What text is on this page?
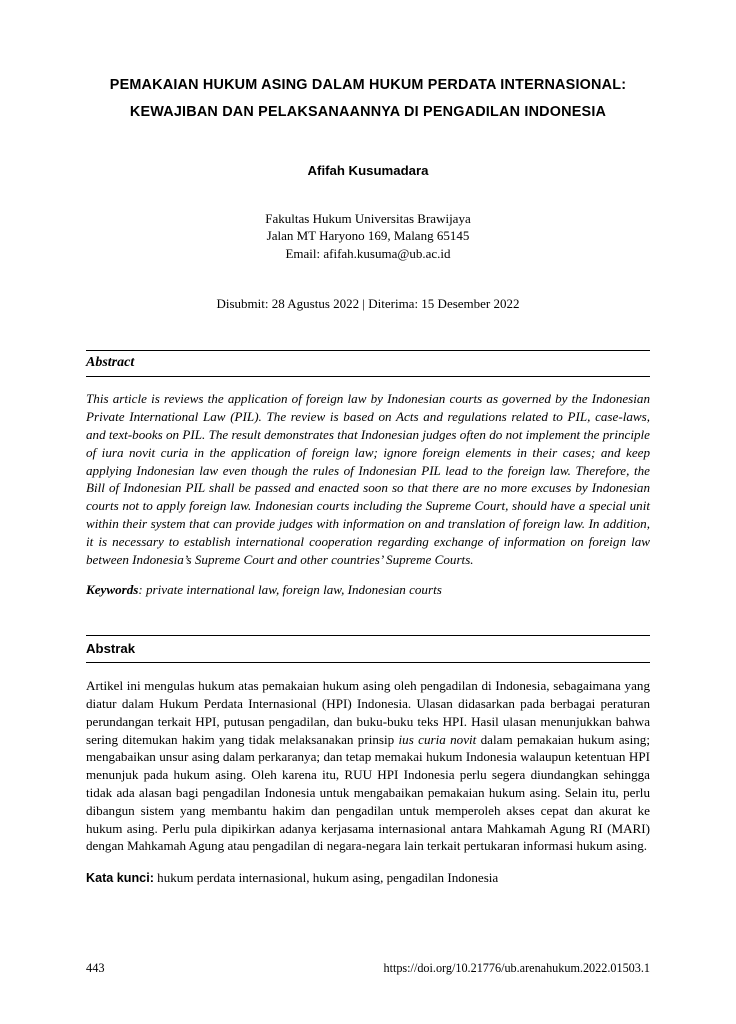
PEMAKAIAN HUKUM ASING DALAM HUKUM PERDATA INTERNASIONAL: KEWAJIBAN DAN PELAKSANAANNYA DI PENGADILAN INDONESIA
Afifah Kusumadara
Fakultas Hukum Universitas Brawijaya
Jalan MT Haryono 169, Malang 65145
Email: afifah.kusuma@ub.ac.id
Disubmit: 28 Agustus 2022 | Diterima: 15 Desember 2022
Abstract

This article is reviews the application of foreign law by Indonesian courts as governed by the Indonesian Private International Law (PIL). The review is based on Acts and regulations related to PIL, case-laws, and text-books on PIL. The result demonstrates that Indonesian judges often do not implement the principle of iura novit curia in the application of foreign law; ignore foreign elements in their cases; and keep applying Indonesian law even though the rules of Indonesian PIL lead to the foreign law. Therefore, the Bill of Indonesian PIL shall be passed and enacted soon so that there are no more excuses by Indonesian courts not to apply foreign law. Indonesian courts including the Supreme Court, should have a special unit within their system that can provide judges with information on and translation of foreign law. In addition, it is necessary to establish international cooperation regarding exchange of information on foreign law between Indonesia’s Supreme Court and other countries’ Supreme Courts.

Keywords: private international law, foreign law, Indonesian courts

Abstrak

Artikel ini mengulas hukum atas pemakaian hukum asing oleh pengadilan di Indonesia, sebagaimana yang diatur dalam Hukum Perdata Internasional (HPI) Indonesia. Ulasan didasarkan pada berbagai peraturan perundangan terkait HPI, putusan pengadilan, dan buku-buku teks HPI. Hasil ulasan menunjukkan bahwa sering ditemukan hakim yang tidak melaksanakan prinsip ius curia novit dalam pemakaian hukum asing; mengabaikan unsur asing dalam perkaranya; dan tetap memakai hukum Indonesia walaupun ketentuan HPI menunjuk pada hukum asing. Oleh karena itu, RUU HPI Indonesia perlu segera diundangkan sehingga tidak ada alasan bagi pengadilan Indonesia untuk mengabaikan pemakaian hukum asing. Selain itu, perlu dibangun sistem yang membantu hakim dan pengadilan untuk memperoleh akses cepat dan akurat ke hukum asing. Perlu pula dipikirkan adanya kerjasama internasional antara Mahkamah Agung RI (MARI) dengan Mahkamah Agung atau pengadilan di negara-negara lain terkait pertukaran informasi hukum asing.

Kata kunci: hukum perdata internasional, hukum asing, pengadilan Indonesia

443	https://doi.org/10.21776/ub.arenahukum.2022.01503.1
